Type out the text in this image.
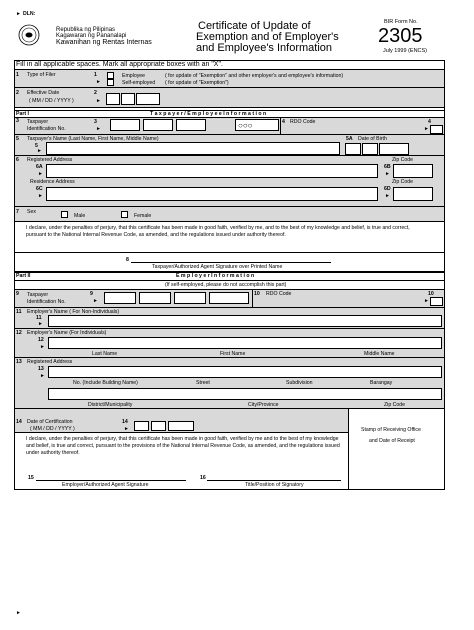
► DLN:
Republika ng Pilipinas
Kagawaran ng Pananalapi
Kawanihan ng Rentas Internas
Certificate of Update of
Exemption and of Employer's
and Employee's Information
BIR Form No.
2305
July 1999 (ENCS)
Fill in all applicable spaces. Mark all appropriate boxes with an "X".
1 Type of Filer	1
►
Employee	( for update of "Exemption" and other employer's and employee's information)
Self-employed ( for update of "Exemption")
2 Effective Date
( MM / DD / YYYY )
2
►
Part I	T a x p a y e r / E m p l o y e e I n f o r m a t i o n
3 Taxpayer
Identification No.
3
►	○○○	4 RDO Code	4
►
5 Taxpayer's Name (Last Name, First Name, Middle Name)
5
►
5A Date of Birth
6 Registered Address	Zip Code
6A
►
6B
►
Residence Address	Zip Code
6C
►
6D
►
7 Sex
Male	Female
I declare, under the penalties of perjury, that this certificate has been made in good faith, verified by me, and to the best of my knowledge and belief, is true and correct, pursuant to the National Internal Revenue Code, as amended, and the regulations issued under authority thereof.
8
Taxpayer/Authorized Agent Signature over Printed Name
Part II	E m p l o y e r I n f o r m a t i o n
(If self-employed, please do not accomplish this part)
9 Taxpayer
Identification No.
9
►
10 RDO Code	10
►
11 Employer's Name ( For Non-Individuals)
11
►
12 Employer's Name (For Individuals)
12
►
Last Name	First Name	Middle Name
13 Registered Address
13
►
No. (Include Building Name)	Street	Subdivision	Barangay
District/Municipality	City/Province	Zip Code
14 Date of Certification
( MM / DD / YYYY )
14
►	Stamp of Receiving Office
and Date of Receipt
I declare, under the penalties of perjury, that this certificate has been made in good faith, verified by me and to the best of my knowledge and belief, is true and correct, pursuant to the provisions of the National Internal Revenue Code, as amended, and the regulations issued under authority thereof.
15
Employer/Authorized Agent Signature
16
Title/Position of Signatory
►
